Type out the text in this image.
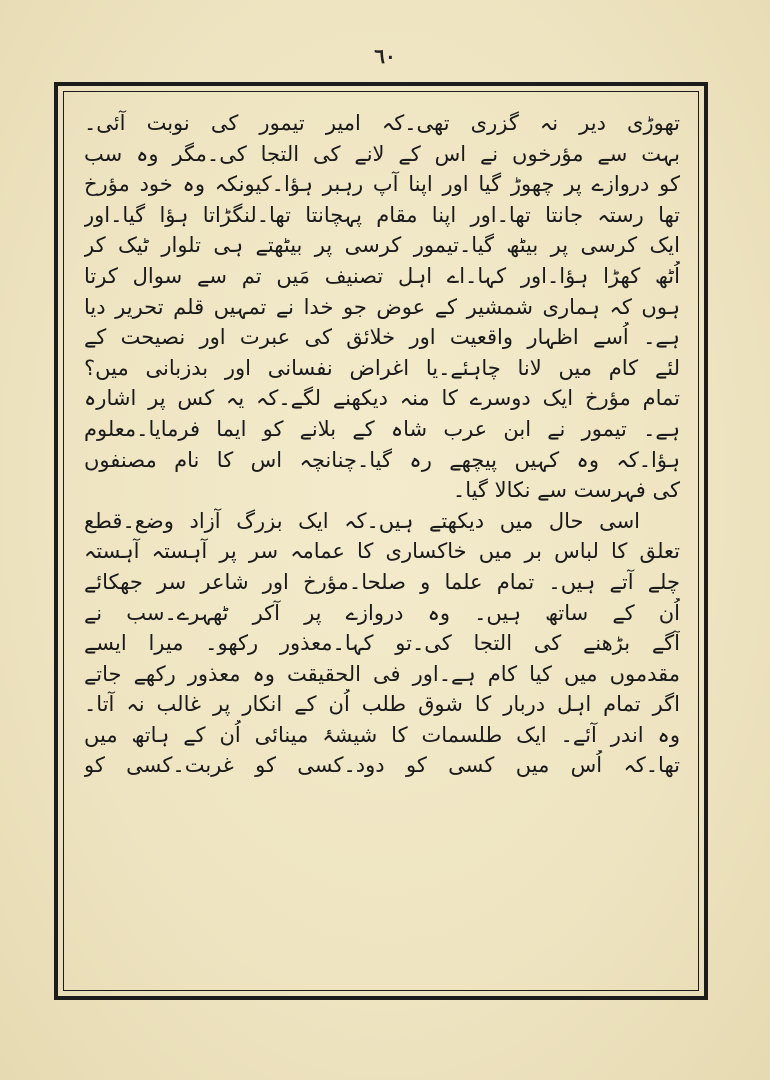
٦٠
تھوڑی دیر نہ گزری تھی۔کہ امیر تیمور کی نوبت آئی۔
بہت سے مؤرخوں نے اس کے لانے کی التجا کی۔مگر وہ سب
کو دروازے پر چھوڑ گیا اور اپنا آپ رہبر ہؤا۔کیونکہ وہ خود مؤرخ
تھا رستہ جانتا تھا۔اور اپنا مقام پہچانتا تھا۔لنگڑاتا ہؤا گیا۔اور
ایک کرسی پر بیٹھ گیا۔تیمور کرسی پر بیٹھتے ہی تلوار ٹیک کر
اُٹھ کھڑا ہؤا۔اور کہا۔اے اہل تصنیف مَیں تم سے سوال کرتا
ہوں کہ ہماری شمشیر کے عوض جو خدا نے تمہیں قلم تحریر دیا
ہے۔ اُسے اظہار واقعیت اور خلائق کی عبرت اور نصیحت کے
لئے کام میں لانا چاہئے۔یا اغراض نفسانی اور بدزبانی میں؟
تمام مؤرخ ایک دوسرے کا منہ دیکھنے لگے۔کہ یہ کس پر اشارہ
ہے۔ تیمور نے ابن عرب شاہ کے بلانے کو ایما فرمایا۔معلوم
ہؤا۔کہ وہ کہیں پیچھے رہ گیا۔چنانچہ اس کا نام مصنفوں
کی فہرست سے نکالا گیا۔
اسی حال میں دیکھتے ہیں۔کہ ایک بزرگ آزاد وضع۔قطع
تعلق کا لباس بر میں خاکساری کا عمامہ سر پر آہستہ آہستہ
چلے آتے ہیں۔ تمام علما و صلحا۔مؤرخ اور شاعر سر جھکائے
اُن کے ساتھ ہیں۔ وہ دروازے پر آکر ٹھہرے۔سب نے
آگے بڑھنے کی التجا کی۔تو کہا۔معذور رکھو۔ میرا ایسے
مقدموں میں کیا کام ہے۔اور فی الحقیقت وہ معذور رکھے جاتے
اگر تمام اہل دربار کا شوق طلب اُن کے انکار پر غالب نہ آتا۔
وہ اندر آئے۔ ایک طلسمات کا شیشۂ مینائی اُن کے ہاتھ میں
تھا۔کہ اُس میں کسی کو دود۔کسی کو غربت۔کسی کو
